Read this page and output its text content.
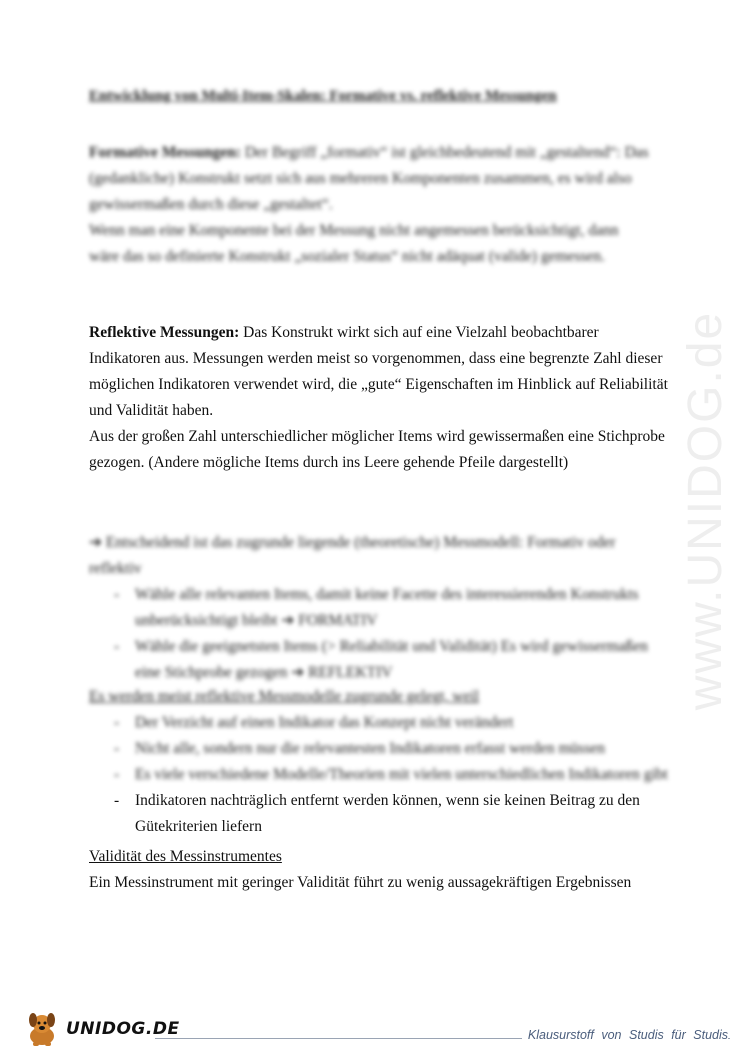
www.UNIDOG.de
Entwicklung von Multi-Item-Skalen: Formative vs. reflektive Messungen
Formative Messungen: Der Begriff „formativ“ ist gleichbedeutend mit „gestaltend“: Das (gedankliche) Konstrukt setzt sich aus mehreren Komponenten zusammen, es wird also gewissermaßen durch diese „gestaltet“.
Wenn man eine Komponente bei der Messung nicht angemessen berücksichtigt, dann wäre das so definierte Konstrukt „sozialer Status“ nicht adäquat (valide) gemessen.
Reflektive Messungen: Das Konstrukt wirkt sich auf eine Vielzahl beobachtbarer Indikatoren aus. Messungen werden meist so vorgenommen, dass eine begrenzte Zahl dieser möglichen Indikatoren verwendet wird, die „gute“ Eigenschaften im Hinblick auf Reliabilität und Validität haben.
Aus der großen Zahl unterschiedlicher möglicher Items wird gewissermaßen eine Stichprobe gezogen. (Andere mögliche Items durch ins Leere gehende Pfeile dargestellt)
➔ Entscheidend ist das zugrunde liegende (theoretische) Messmodell: Formativ oder reflektiv
- Wähle alle relevanten Items, damit keine Facette des interessierenden Konstrukts unberücksichtigt bleibt ➔ FORMATIV
- Wähle die geeignetsten Items (> Reliabilität und Validität) Es wird gewissermaßen eine Stichprobe gezogen ➔ REFLEKTIV
Es werden meist reflektive Messmodelle zugrunde gelegt, weil
- Der Verzicht auf einen Indikator das Konzept nicht verändert
- Nicht alle, sondern nur die relevantesten Indikatoren erfasst werden müssen
- Es viele verschiedene Modelle/Theorien mit vielen unterschiedlichen Indikatoren gibt
- Indikatoren nachträglich entfernt werden können, wenn sie keinen Beitrag zu den Gütekriterien liefern
Validität des Messinstrumentes
Ein Messinstrument mit geringer Validität führt zu wenig aussagekräftigen Ergebnissen
UNIDOG.DE	Klausurstoff von Studis für Studis
